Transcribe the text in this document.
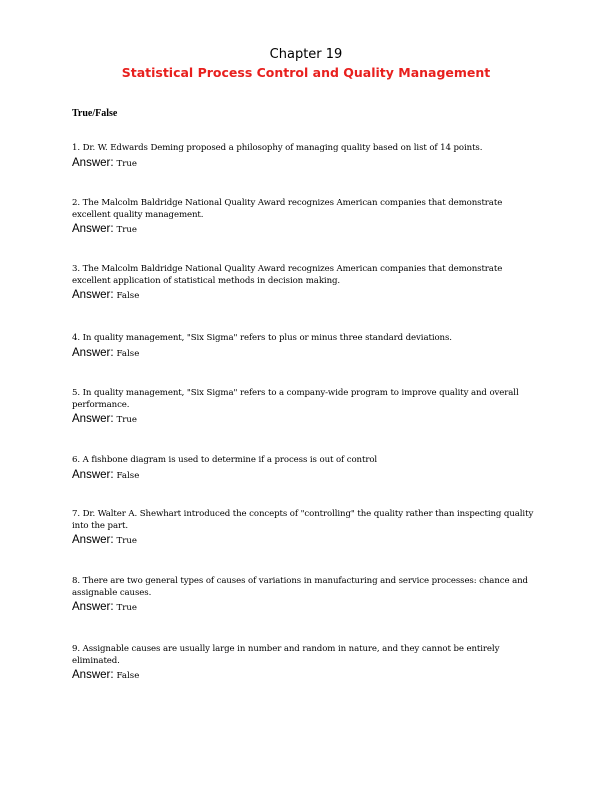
Chapter 19
Statistical Process Control and Quality Management
True/False
1. Dr. W. Edwards Deming proposed a philosophy of managing quality based on list of 14 points.
Answer: True
2. The Malcolm Baldridge National Quality Award recognizes American companies that demonstrate excellent quality management.
Answer: True
3. The Malcolm Baldridge National Quality Award recognizes American companies that demonstrate excellent application of statistical methods in decision making.
Answer: False
4. In quality management, "Six Sigma" refers to plus or minus three standard deviations.
Answer: False
5. In quality management, "Six Sigma" refers to a company-wide program to improve quality and overall performance.
Answer: True
6. A fishbone diagram is used to determine if a process is out of control
Answer: False
7. Dr. Walter A. Shewhart introduced the concepts of "controlling" the quality rather than inspecting quality into the part.
Answer: True
8. There are two general types of causes of variations in manufacturing and service processes: chance and assignable causes.
Answer: True
9. Assignable causes are usually large in number and random in nature, and they cannot be entirely eliminated.
Answer: False
